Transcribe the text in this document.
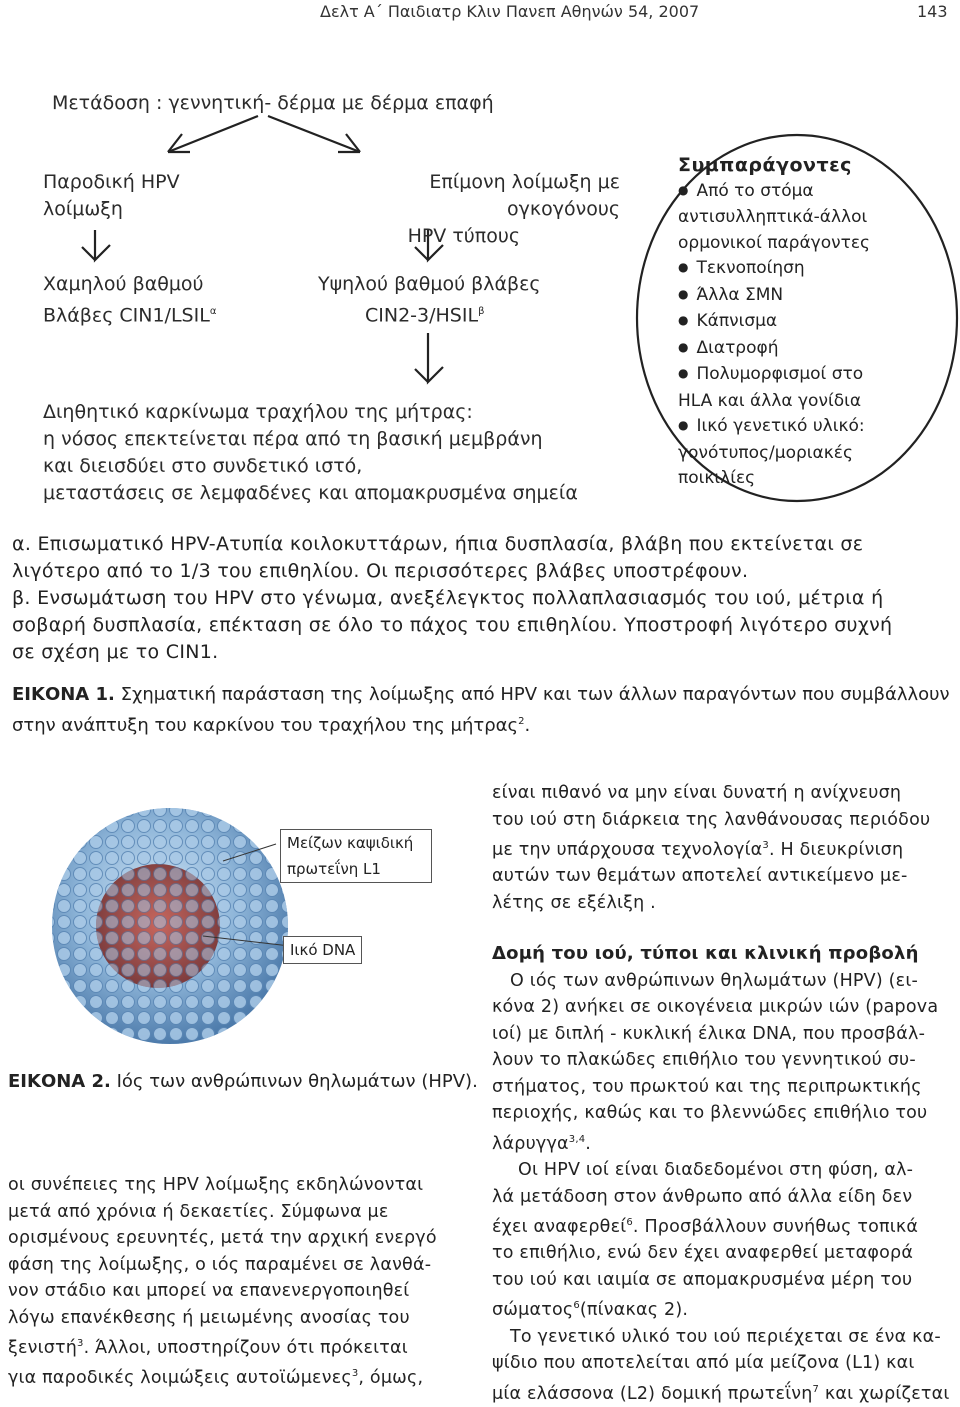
Δελτ Α΄ Παιδιατρ Κλιν Πανεπ Αθηνών 54, 2007	143
Μετάδοση : γεννητική- δέρμα με δέρμα επαφή
Παροδική HPV
λοίμωξη
Επίμονη λοίμωξη με ογκογόνους
HPV τύπους
Χαμηλού βαθμού
Βλάβες $CIN1/LSIL^\alpha$
Υψηλού βαθμού βλάβες
$CIN2-3/HSIL^\beta$
Διηθητικό καρκίνωμα τραχήλου της μήτρας:
η νόσος επεκτείνεται πέρα από τη βασική μεμβράνη
και διεισδύει στο συνδετικό ιστό,
μεταστάσεις σε λεμφαδένες και απομακρυσμένα σημεία
Συμπαράγοντες
● Από το στόμα
αντισυλληπτικά-άλλοι
ορμονικοί παράγοντες
● Τεκνοποίηση
● Άλλα ΣΜΝ
● Κάπνισμα
● Διατροφή
● Πολυμορφισμοί στο
HLA και άλλα γονίδια
● Ιικό γενετικό υλικό:
γονότυπος/μοριακές
ποικιλίες
α. Επισωματικό HPV-Ατυπία κοιλοκυττάρων, ήπια δυσπλασία, βλάβη που εκτείνεται σε
λιγότερο από το 1/3 του επιθηλίου. Οι περισσότερες βλάβες υποστρέφουν.
β. Ενσωμάτωση του HPV στο γένωμα, ανεξέλεγκτος πολλαπλασιασμός του ιού, μέτρια ή
σοβαρή δυσπλασία, επέκταση σε όλο το πάχος του επιθηλίου. Υποστροφή λιγότερο συχνή
σε σχέση με το CIN1.
ΕΙΚΟΝΑ 1. Σχηματική παράσταση της λοίμωξης από HPV και των άλλων παραγόντων που συμβάλλουν
στην ανάπτυξη του καρκίνου του τραχήλου της μήτρας$^2$.
Μείζων καψιδική
πρωτεΐνη L1
Ιικό DNA
ΕΙΚΟΝΑ 2. Ιός των ανθρώπινων θηλωμάτων (HPV).

οι συνέπειες της HPV λοίμωξης εκδηλώνονται

μετά από χρόνια ή δεκαετίες. Σύμφωνα με

ορισμένους ερευνητές, μετά την αρχική ενεργό

φάση της λοίμωξης, ο ιός παραμένει σε λανθά-

νον στάδιο και μπορεί να επανενεργοποιηθεί

λόγω επανέκθεσης ή μειωμένης ανοσίας του

ξενιστή$^3$. Άλλοι, υποστηρίζουν ότι πρόκειται

για παροδικές λοιμώξεις αυτοϊώμενες$^3$, όμως,

είναι πιθανό να μην είναι δυνατή η ανίχνευση

του ιού στη διάρκεια της λανθάνουσας περιόδου

με την υπάρχουσα τεχνολογία$^3$. Η διευκρίνιση

αυτών των θεμάτων αποτελεί αντικείμενο με-

λέτης σε εξέλιξη .

Δομή του ιού, τύποι και κλινική προβολή

Ο ιός των ανθρώπινων θηλωμάτων (HPV) (ει-

κόνα 2) ανήκει σε οικογένεια μικρών ιών (papova

ιοί) με διπλή - κυκλική έλικα DNA, που προσβάλ-

λουν το πλακώδες επιθήλιο του γεννητικού συ-

στήματος, του πρωκτού και της περιπρωκτικής

περιοχής, καθώς και το βλεννώδες επιθήλιο του

λάρυγγα$^{3,4}$.

Οι HPV ιοί είναι διαδεδομένοι στη φύση, αλ-

λά μετάδοση στον άνθρωπο από άλλα είδη δεν

έχει αναφερθεί$^6$. Προσβάλλουν συνήθως τοπικά

το επιθήλιο, ενώ δεν έχει αναφερθεί μεταφορά

του ιού και ιαιμία σε απομακρυσμένα μέρη του

σώματος$^6$(πίνακας 2).

Το γενετικό υλικό του ιού περιέχεται σε ένα κα-

ψίδιο που αποτελείται από μία μείζονα (L1) και

μία ελάσσονα (L2) δομική πρωτεΐνη$^7$ και χωρίζεται
